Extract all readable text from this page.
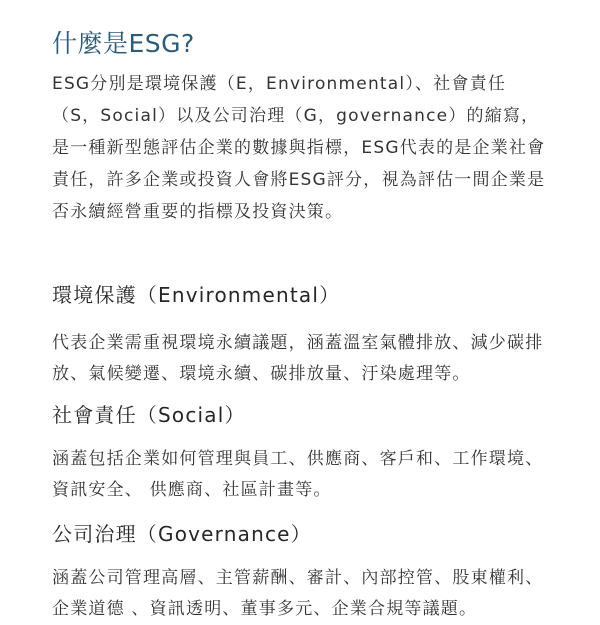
什麼是ESG?

ESG分別是環境保護（E，Environmental）、社會責任（S，Social）以及公司治理（G，governance）的縮寫，是一種新型態評估企業的數據與指標，ESG代表的是企業社會責任，許多企業或投資人會將ESG評分，視為評估一間企業是否永續經營重要的指標及投資決策。

環境保護（Environmental）

代表企業需重視環境永續議題，涵蓋溫室氣體排放、減少碳排放、氣候變遷、環境永續、碳排放量、汙染處理等。

社會責任（Social）

涵蓋包括企業如何管理與員工、供應商、客戶和、工作環境、資訊安全、 供應商、社區計畫等。

公司治理（Governance）

涵蓋公司管理高層、主管薪酬、審計、內部控管、股東權利、企業道德 、資訊透明、董事多元、企業合規等議題。
